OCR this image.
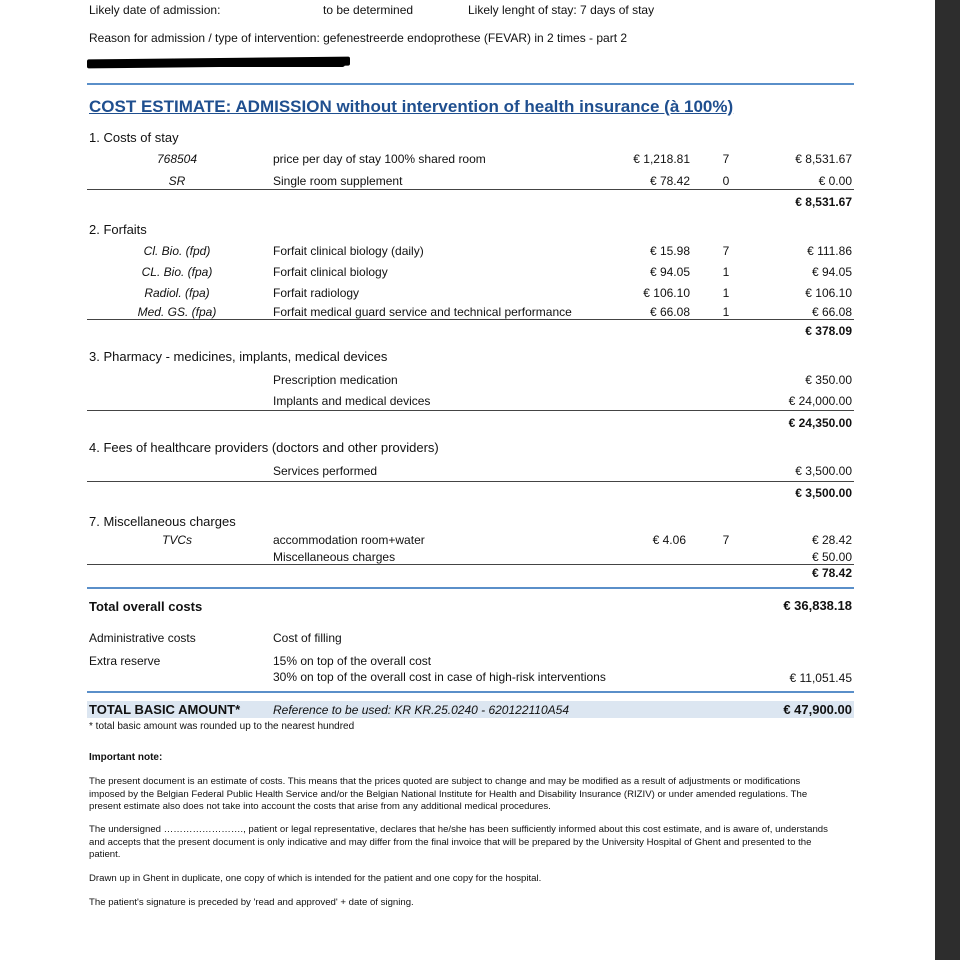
Likely date of admission:	to be determined	Likely lenght of stay: 7 days of stay
Reason for admission / type of intervention: gefenestreerde endoprothese (FEVAR) in 2 times - part 2
COST ESTIMATE: ADMISSION without intervention of health insurance (à 100%)
1. Costs of stay
768504	price per day of stay 100% shared room	€ 1,218.81	7	€ 8,531.67
SR	Single room supplement	€ 78.42	0	€ 0.00
€ 8,531.67
2. Forfaits
Cl. Bio. (fpd)	Forfait clinical biology (daily)	€ 15.98	7	€ 111.86
CL. Bio. (fpa)	Forfait clinical biology	€ 94.05	1	€ 94.05
Radiol. (fpa)	Forfait radiology	€ 106.10	1	€ 106.10
Med. GS. (fpa)	Forfait medical guard service and technical performance	€ 66.08	1	€ 66.08
€ 378.09
3. Pharmacy - medicines, implants, medical devices
Prescription medication	€ 350.00
Implants and medical devices	€ 24,000.00
€ 24,350.00
4. Fees of healthcare providers (doctors and other providers)
Services performed	€ 3,500.00
€ 3,500.00
7. Miscellaneous charges
TVCs	accommodation room+water	€ 4.06	7	€ 28.42
Miscellaneous charges	€ 50.00
€ 78.42
Total overall costs	€ 36,838.18
Administrative costs	Cost of filling
Extra reserve	15% on top of the overall cost
30% on top of the overall cost in case of high-risk interventions	€ 11,051.45
TOTAL BASIC AMOUNT*	Reference to be used: KR KR.25.0240 - 620122110A54	€ 47,900.00
* total basic amount was rounded up to the nearest hundred
Important note:
The present document is an estimate of costs. This means that the prices quoted are subject to change and may be modified as a result of adjustments or modifications imposed by the Belgian Federal Public Health Service and/or the Belgian National Institute for Health and Disability Insurance (RIZIV) or under amended regulations. The present estimate also does not take into account the costs that arise from any additional medical procedures.
The undersigned ……………………., patient or legal representative, declares that he/she has been sufficiently informed about this cost estimate, and is aware of, understands and accepts that the present document is only indicative and may differ from the final invoice that will be prepared by the University Hospital of Ghent and presented to the patient.
Drawn up in Ghent in duplicate, one copy of which is intended for the patient and one copy for the hospital.
The patient's signature is preceded by 'read and approved' + date of signing.
